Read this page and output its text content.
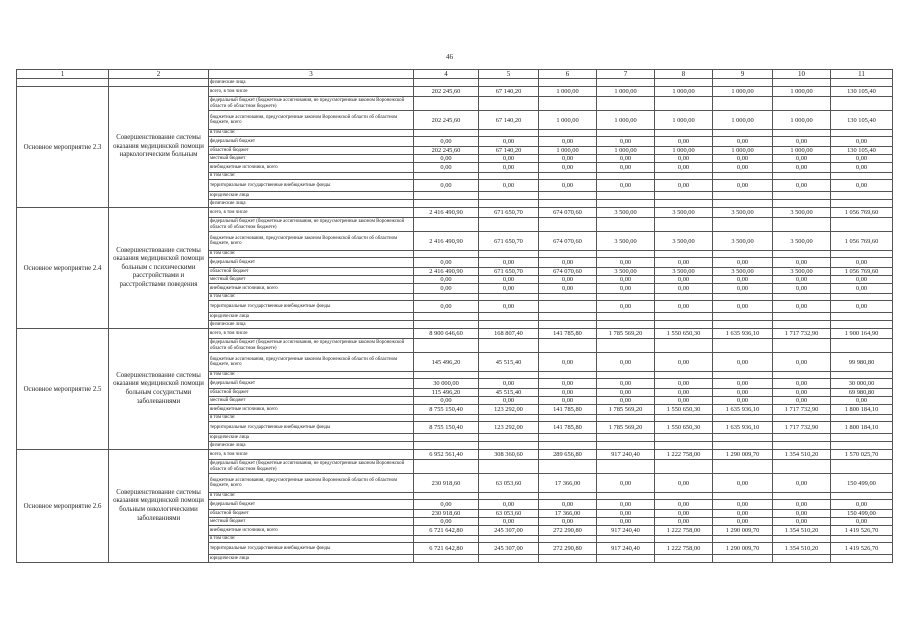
46
1	2	3	4	5	6	7	8	9	10	11
		физические лица								
Основное мероприятие 2.3	Совершенствование системы оказания медицинской помощи наркологическим больным	всего, в том числе	202 245,60	67 140,20	1 000,00	1 000,00	1 000,00	1 000,00	1 000,00	130 105,40
		федеральный бюджет (бюджетные ассигнования, не предусмотренные законом Воронежской области об областном бюджете)								
		бюджетные ассигнования, предусмотренные законом Воронежской области об областном бюджете, всего	202 245,60	67 140,20	1 000,00	1 000,00	1 000,00	1 000,00	1 000,00	130 105,40
		в том числе:								
		федеральный бюджет	0,00	0,00	0,00	0,00	0,00	0,00	0,00	0,00
		областной бюджет	202 245,60	67 140,20	1 000,00	1 000,00	1 000,00	1 000,00	1 000,00	130 105,40
		местный бюджет	0,00	0,00	0,00	0,00	0,00	0,00	0,00	0,00
		внебюджетные источники, всего	0,00	0,00	0,00	0,00	0,00	0,00	0,00	0,00
		в том числе:								
		территориальные государственные внебюджетные фонды	0,00	0,00	0,00	0,00	0,00	0,00	0,00	0,00
		юридические лица								
		физические лица								
Основное мероприятие 2.4	Совершенствование системы оказания медицинской помощи больным с психическими расстройствами и расстройствами поведения	всего, в том числе	2 416 490,90	671 650,70	674 070,60	3 500,00	3 500,00	3 500,00	3 500,00	1 056 769,60
		федеральный бюджет (бюджетные ассигнования, не предусмотренные законом Воронежской области об областном бюджете)								
		бюджетные ассигнования, предусмотренные законом Воронежской области об областном бюджете, всего	2 416 490,90	671 650,70	674 070,60	3 500,00	3 500,00	3 500,00	3 500,00	1 056 769,60
		в том числе:								
		федеральный бюджет	0,00	0,00	0,00	0,00	0,00	0,00	0,00	0,00
		областной бюджет	2 416 490,90	671 650,70	674 070,60	3 500,00	3 500,00	3 500,00	3 500,00	1 056 769,60
		местный бюджет	0,00	0,00	0,00	0,00	0,00	0,00	0,00	0,00
		внебюджетные источники, всего	0,00	0,00	0,00	0,00	0,00	0,00	0,00	0,00
		в том числе:								
		территориальные государственные внебюджетные фонды	0,00	0,00		0,00	0,00	0,00	0,00	0,00
		юридические лица								
		физические лица								
Основное мероприятие 2.5	Совершенствование системы оказания медицинской помощи больным сосудистыми заболеваниями	всего, в том числе	8 900 646,60	168 807,40	141 785,80	1 785 569,20	1 550 650,30	1 635 936,10	1 717 732,90	1 900 164,90
		федеральный бюджет (бюджетные ассигнования, не предусмотренные законом Воронежской области об областном бюджете)								
		бюджетные ассигнования, предусмотренные законом Воронежской области об областном бюджете, всего	145 496,20	45 515,40	0,00	0,00	0,00	0,00	0,00	99 980,80
		в том числе:								
		федеральный бюджет	30 000,00	0,00	0,00	0,00	0,00	0,00	0,00	30 000,00
		областной бюджет	115 496,20	45 515,40	0,00	0,00	0,00	0,00	0,00	69 980,80
		местный бюджет	0,00	0,00	0,00	0,00	0,00	0,00	0,00	0,00
		внебюджетные источники, всего	8 755 150,40	123 292,00	141 785,80	1 785 569,20	1 550 650,30	1 635 936,10	1 717 732,90	1 800 184,10
		в том числе:								
		территориальные государственные внебюджетные фонды	8 755 150,40	123 292,00	141 785,80	1 785 569,20	1 550 650,30	1 635 936,10	1 717 732,90	1 800 184,10
		юридические лица								
		физические лица								
Основное мероприятие 2.6	Совершенствование системы оказания медицинской помощи больным онкологическими заболеваниями	всего, в том числе	6 952 561,40	308 360,60	289 656,80	917 240,40	1 222 758,00	1 290 009,70	1 354 510,20	1 570 025,70
		федеральный бюджет (бюджетные ассигнования, не предусмотренные законом Воронежской области об областном бюджете)								
		бюджетные ассигнования, предусмотренные законом Воронежской области об областном бюджете, всего	230 918,60	63 053,60	17 366,00	0,00	0,00	0,00	0,00	150 499,00
		в том числе:								
		федеральный бюджет	0,00	0,00	0,00	0,00	0,00	0,00	0,00	0,00
		областной бюджет	230 918,60	63 053,60	17 366,00	0,00	0,00	0,00	0,00	150 499,00
		местный бюджет	0,00	0,00	0,00	0,00	0,00	0,00	0,00	0,00
		внебюджетные источники, всего	6 721 642,80	245 307,00	272 290,80	917 240,40	1 222 758,00	1 290 009,70	1 354 510,20	1 419 526,70
		в том числе:								
		территориальные государственные внебюджетные фонды	6 721 642,80	245 307,00	272 290,80	917 240,40	1 222 758,00	1 290 009,70	1 354 510,20	1 419 526,70
		юридические лица								
